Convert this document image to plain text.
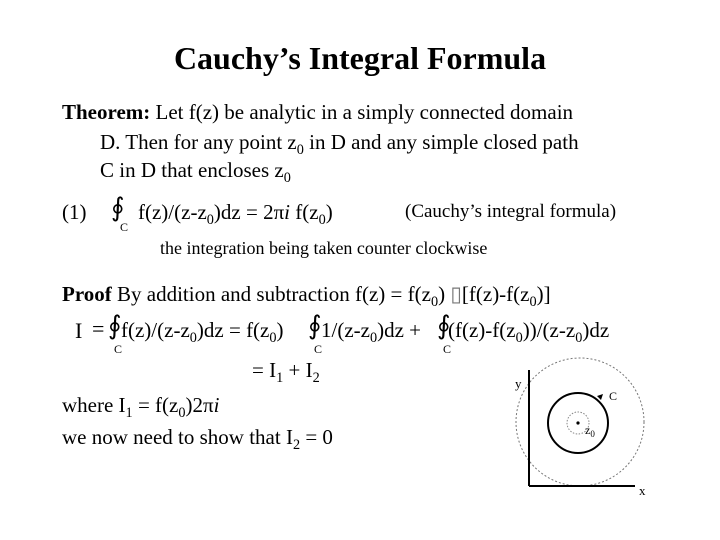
Cauchy’s Integral Formula
Theorem: Let f(z) be analytic in a simply connected domain
D. Then for any point $z_0$ in D and any simple closed path
C in D that encloses $z_0$
(1) ∮
C
$f(z)/(z-z_0)dz = 2\pi i$ $f(z_0)$	(Cauchy’s integral formula)
the integration being taken counter clockwise
Proof By addition and subtraction $f(z) = f(z_0)$ $▯[f(z)-f(z_0)]$
I = ∮
C
$f(z)/(z-z_0)dz = f(z_0)$ ∮
C
$1/(z-z_0)dz$ + ∮
C
$(f(z)-f(z_0))/(z-z_0)dz$
= $I_1 + I_2$
where $I_1 = f(z_0)2\pi i$
we now need to show that $I_2 = 0$
y
x
C
$z_0$
